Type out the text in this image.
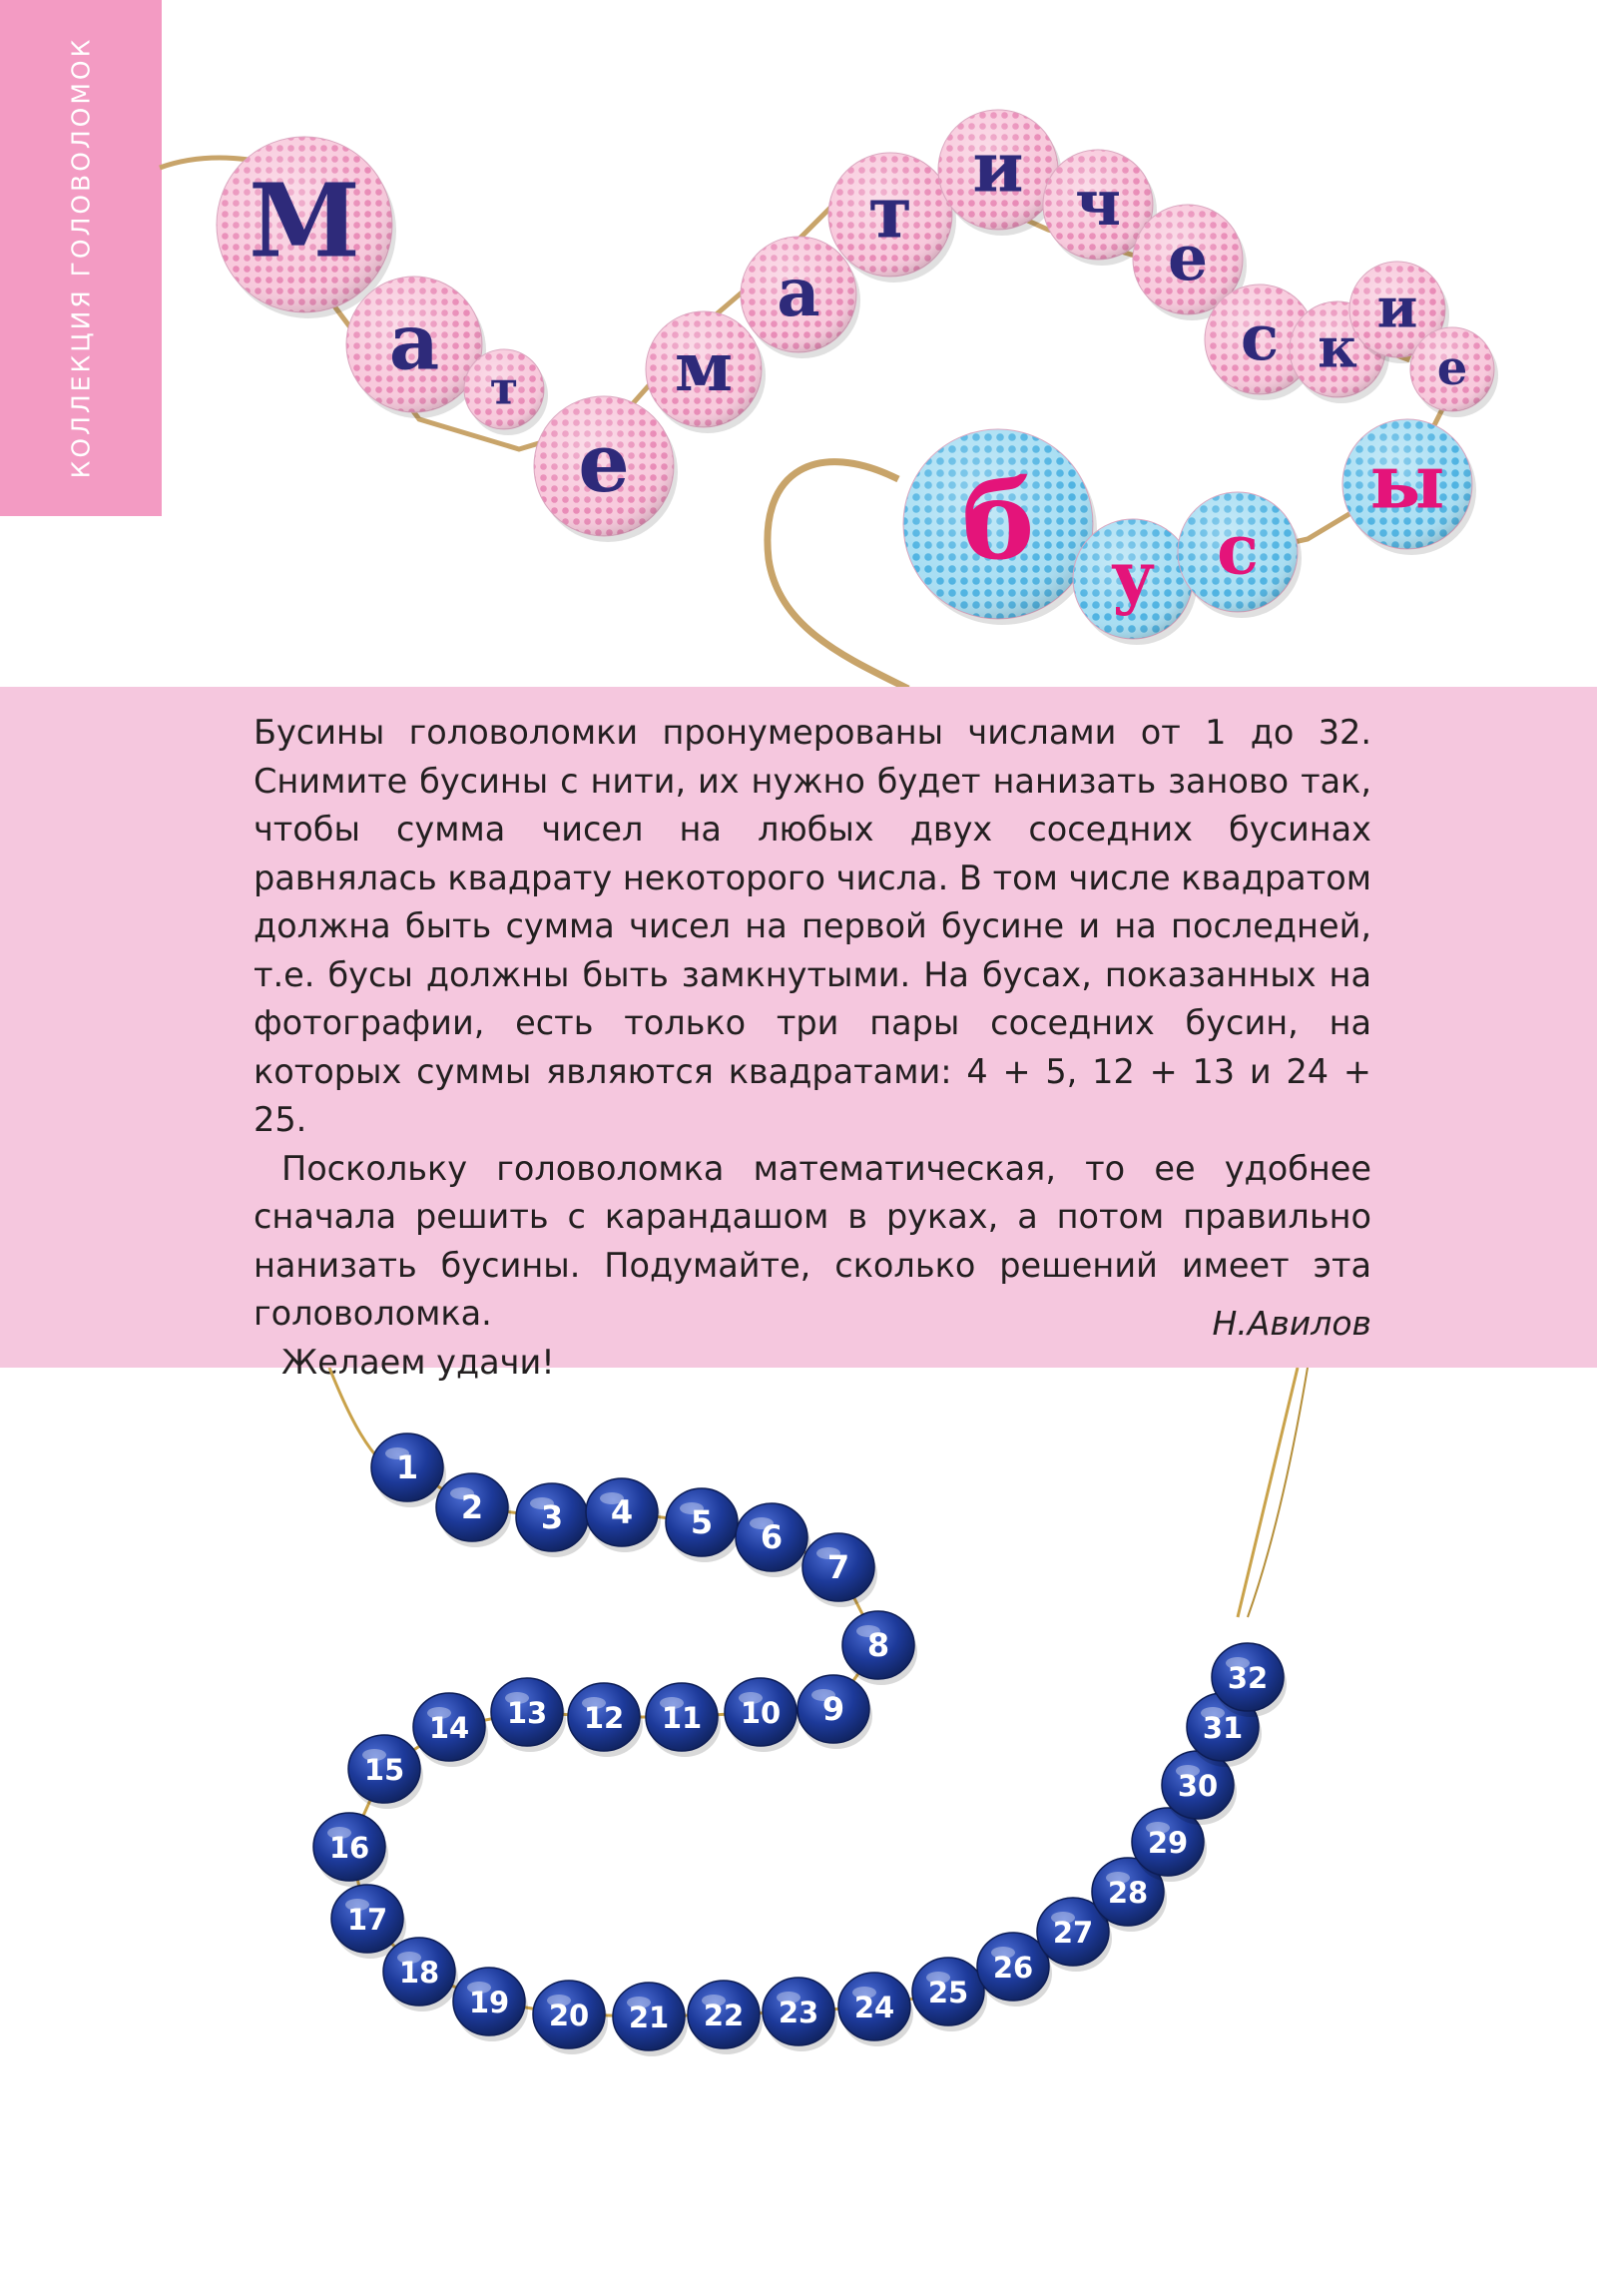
КОЛЛЕКЦИЯ ГОЛОВОЛОМОК М
а т
е
м
а
т
и ч
е
с к
и
е
б у с
ы

Бусины головоломки пронумерованы числами от 1 до 32. Снимите бусины с нити, их нужно будет нанизать заново так, чтобы сумма чисел на любых двух соседних бусинах равнялась квадрату некоторого числа. В том числе квадратом должна быть сумма чисел на первой бусине и на последней, т.е. бусы должны быть замкнутыми. На бусах, показанных на фотографии, есть только три пары соседних бусин, на которых суммы являются квадратами: 4 + 5, 12 + 13 и 24 + 25.

Поскольку головоломка математическая, то ее удобнее сначала решить с карандашом в руках, а потом правильно нанизать бусины. Подумайте, сколько решений имеет эта головоломка.

Желаем удачи!

Н.Авилов
1
2 3 4 5 6
7
8
9
10
11
12
13
14
15
16
17
18
19 20 21 22 23 24 25
26
27
28
29
30
31
32
